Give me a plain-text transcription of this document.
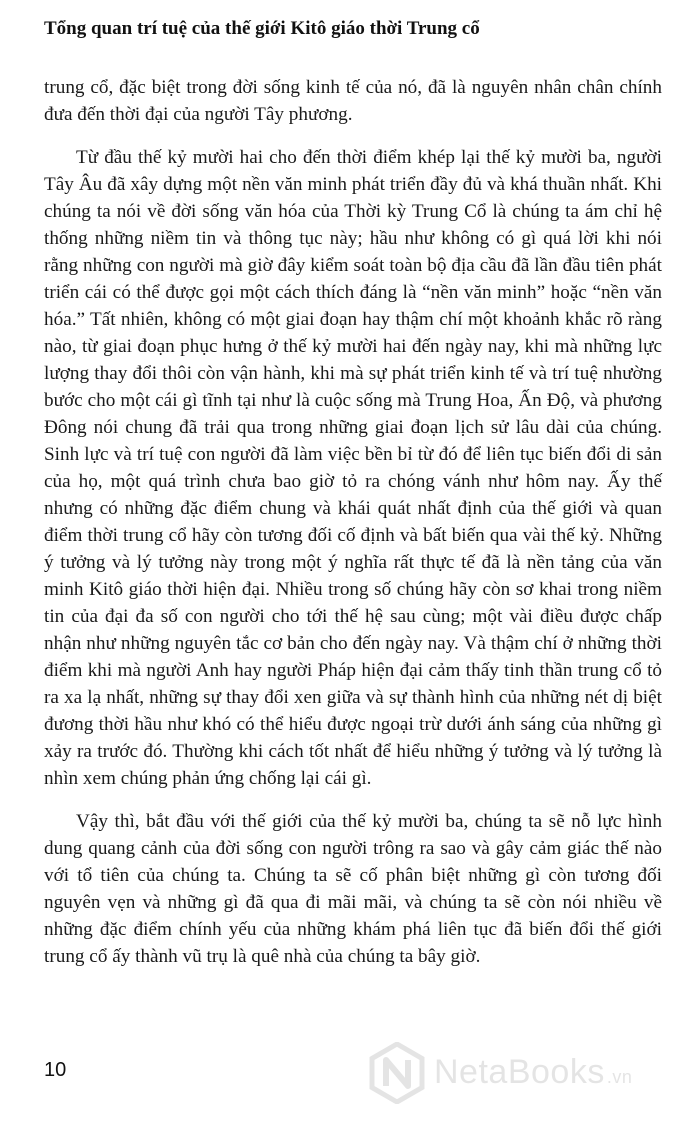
Tổng quan trí tuệ của thế giới Kitô giáo thời Trung cổ

trung cổ, đặc biệt trong đời sống kinh tế của nó, đã là nguyên nhân chân chính đưa đến thời đại của người Tây phương.

Từ đầu thế kỷ mười hai cho đến thời điểm khép lại thế kỷ mười ba, người Tây Âu đã xây dựng một nền văn minh phát triển đầy đủ và khá thuần nhất. Khi chúng ta nói về đời sống văn hóa của Thời kỳ Trung Cổ là chúng ta ám chỉ hệ thống những niềm tin và thông tục này; hầu như không có gì quá lời khi nói rằng những con người mà giờ đây kiểm soát toàn bộ địa cầu đã lần đầu tiên phát triển cái có thể được gọi một cách thích đáng là “nền văn minh” hoặc “nền văn hóa.” Tất nhiên, không có một giai đoạn hay thậm chí một khoảnh khắc rõ ràng nào, từ giai đoạn phục hưng ở thế kỷ mười hai đến ngày nay, khi mà những lực lượng thay đổi thôi còn vận hành, khi mà sự phát triển kinh tế và trí tuệ nhường bước cho một cái gì tĩnh tại như là cuộc sống mà Trung Hoa, Ấn Độ, và phương Đông nói chung đã trải qua trong những giai đoạn lịch sử lâu dài của chúng. Sinh lực và trí tuệ con người đã làm việc bền bỉ từ đó để liên tục biến đổi di sản của họ, một quá trình chưa bao giờ tỏ ra chóng vánh như hôm nay. Ấy thế nhưng có những đặc điểm chung và khái quát nhất định của thế giới và quan điểm thời trung cổ hãy còn tương đối cố định và bất biến qua vài thế kỷ. Những ý tưởng và lý tưởng này trong một ý nghĩa rất thực tế đã là nền tảng của văn minh Kitô giáo thời hiện đại. Nhiều trong số chúng hãy còn sơ khai trong niềm tin của đại đa số con người cho tới thế hệ sau cùng; một vài điều được chấp nhận như những nguyên tắc cơ bản cho đến ngày nay. Và thậm chí ở những thời điểm khi mà người Anh hay người Pháp hiện đại cảm thấy tinh thần trung cổ tỏ ra xa lạ nhất, những sự thay đổi xen giữa và sự thành hình của những nét dị biệt đương thời hầu như khó có thể hiểu được ngoại trừ dưới ánh sáng của những gì xảy ra trước đó. Thường khi cách tốt nhất để hiểu những ý tưởng và lý tưởng là nhìn xem chúng phản ứng chống lại cái gì.

Vậy thì, bắt đầu với thế giới của thế kỷ mười ba, chúng ta sẽ nỗ lực hình dung quang cảnh của đời sống con người trông ra sao và gây cảm giác thế nào với tổ tiên của chúng ta. Chúng ta sẽ cố phân biệt những gì còn tương đối nguyên vẹn và những gì đã qua đi mãi mãi, và chúng ta sẽ còn nói nhiều về những đặc điểm chính yếu của những khám phá liên tục đã biến đổi thế giới trung cổ ấy thành vũ trụ là quê nhà của chúng ta bây giờ.

10	NetaBooks .vn
